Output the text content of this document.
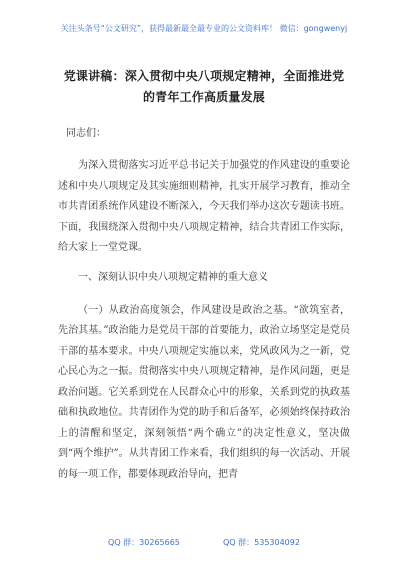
关注头条号“公文研究”，获得最新最全最专业的公文资料库！ 微信：gongwenyj
党课讲稿：深入贯彻中央八项规定精神，全面推进党的青年工作高质量发展

同志们：

为深入贯彻落实习近平总书记关于加强党的作风建设的重要论述和中央八项规定及其实施细则精神，扎实开展学习教育，推动全市共青团系统作风建设不断深入，今天我们举办这次专题读书班。下面，我围绕深入贯彻中央八项规定精神，结合共青团工作实际，给大家上一堂党课。

一、深刻认识中央八项规定精神的重大意义

（一）从政治高度领会，作风建设是政治之基。“欲筑室者，先治其基。”政治能力是党员干部的首要能力，政治立场坚定是党员干部的基本要求。中央八项规定实施以来，党风政风为之一新，党心民心为之一振。贯彻落实中央八项规定精神，是作风问题，更是政治问题。它关系到党在人民群众心中的形象，关系到党的执政基础和执政地位。共青团作为党的助手和后备军，必须始终保持政治上的清醒和坚定，深刻领悟“两个确立”的决定性意义，坚决做到“两个维护”。从共青团工作来看，我们组织的每一次活动、开展的每一项工作，都要体现政治导向，把青

QQ 群：30265665	QQ 群：535304092
